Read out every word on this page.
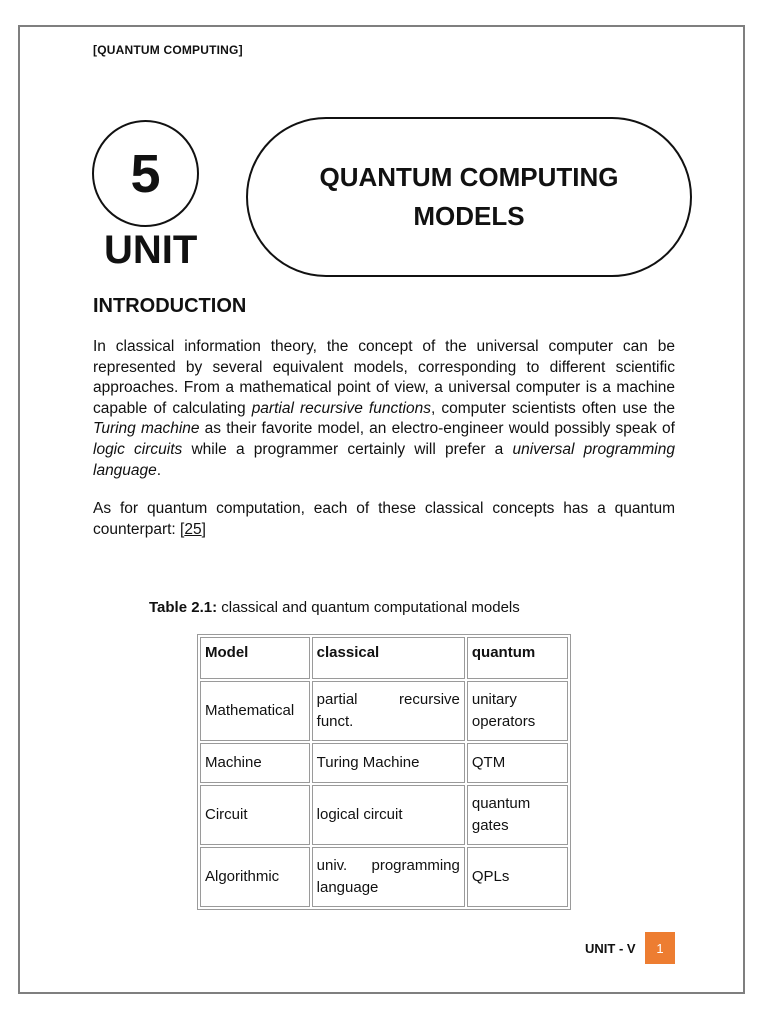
[QUANTUM COMPUTING]
5
UNIT
QUANTUM COMPUTING MODELS
INTRODUCTION

In classical information theory, the concept of the universal computer can be represented by several equivalent models, corresponding to different scientific approaches. From a mathematical point of view, a universal computer is a machine capable of calculating partial recursive functions, computer scientists often use the Turing machine as their favorite model, an electro-engineer would possibly speak of logic circuits while a programmer certainly will prefer a universal programming language.

As for quantum computation, each of these classical concepts has a quantum counterpart: [25]

Table 2.1: classical and quantum computational models
Model	classical	quantum
Mathematical	partial recursive funct.	unitary operators
Machine	Turing Machine	QTM
Circuit	logical circuit	quantum gates
Algorithmic	univ. programming language	QPLs
UNIT - V	1
